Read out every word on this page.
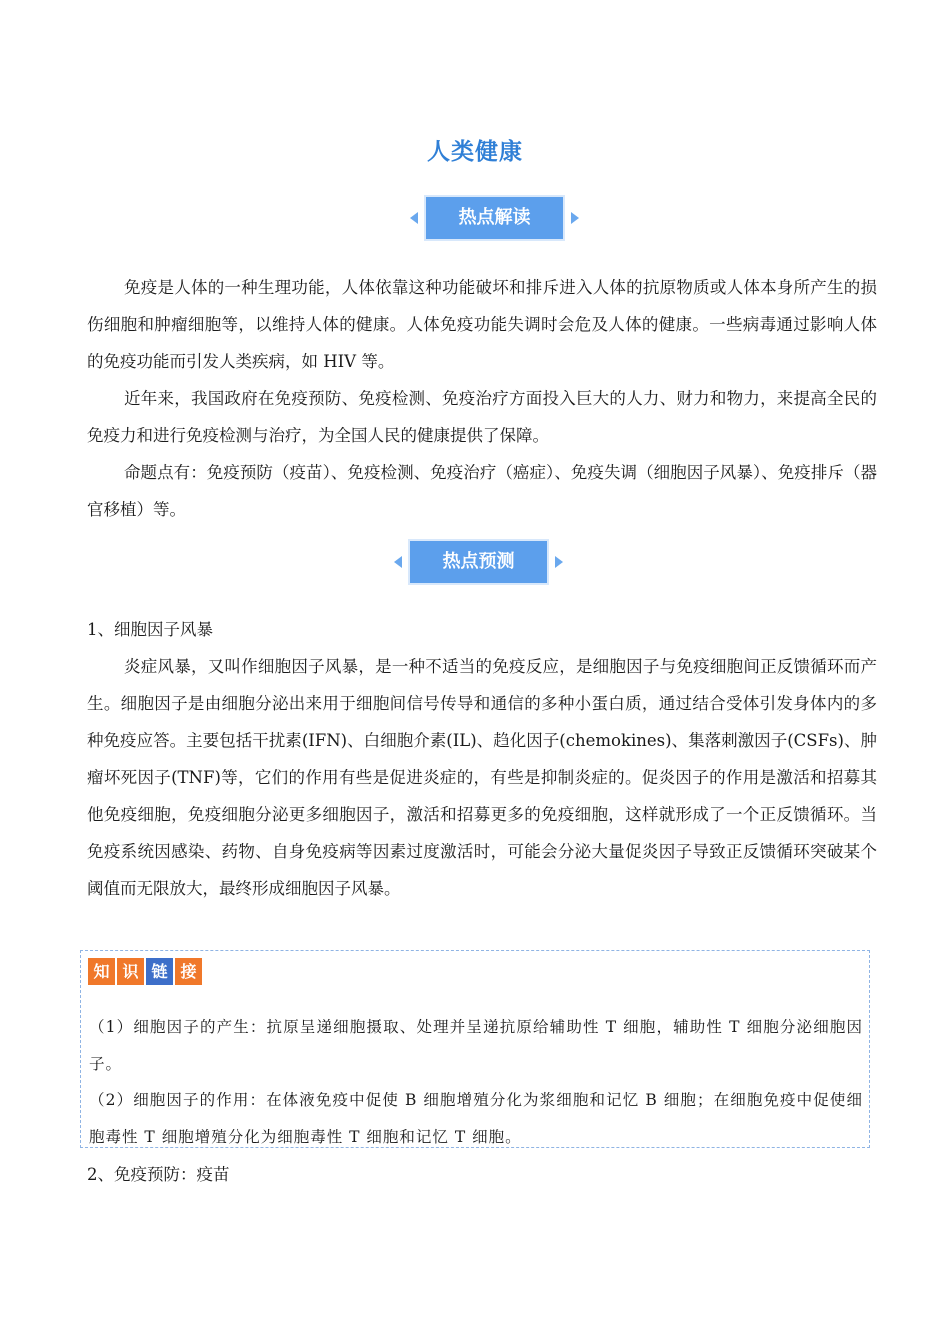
人类健康
热点解读

免疫是人体的一种生理功能，人体依靠这种功能破坏和排斥进入人体的抗原物质或人体本身所产生的损伤细胞和肿瘤细胞等，以维持人体的健康。人体免疫功能失调时会危及人体的健康。一些病毒通过影响人体的免疫功能而引发人类疾病，如 HIV 等。

近年来，我国政府在免疫预防、免疫检测、免疫治疗方面投入巨大的人力、财力和物力，来提高全民的免疫力和进行免疫检测与治疗，为全国人民的健康提供了保障。

命题点有：免疫预防（疫苗）、免疫检测、免疫治疗（癌症）、免疫失调（细胞因子风暴）、免疫排斥（器官移植）等。

热点预测

1、细胞因子风暴

炎症风暴，又叫作细胞因子风暴，是一种不适当的免疫反应，是细胞因子与免疫细胞间正反馈循环而产生。细胞因子是由细胞分泌出来用于细胞间信号传导和通信的多种小蛋白质，通过结合受体引发身体内的多种免疫应答。主要包括干扰素(IFN)、白细胞介素(IL)、趋化因子(chemokines)、集落刺激因子(CSFs)、肿瘤坏死因子(TNF)等，它们的作用有些是促进炎症的，有些是抑制炎症的。促炎因子的作用是激活和招募其他免疫细胞，免疫细胞分泌更多细胞因子，激活和招募更多的免疫细胞，这样就形成了一个正反馈循环。当免疫系统因感染、药物、自身免疫病等因素过度激活时，可能会分泌大量促炎因子导致正反馈循环突破某个阈值而无限放大，最终形成细胞因子风暴。

知 识 链 接

（1）细胞因子的产生：抗原呈递细胞摄取、处理并呈递抗原给辅助性 T 细胞，辅助性 T 细胞分泌细胞因子。

（2）细胞因子的作用：在体液免疫中促使 B 细胞增殖分化为浆细胞和记忆 B 细胞；在细胞免疫中促使细胞毒性 T 细胞增殖分化为细胞毒性 T 细胞和记忆 T 细胞。

2、免疫预防：疫苗
